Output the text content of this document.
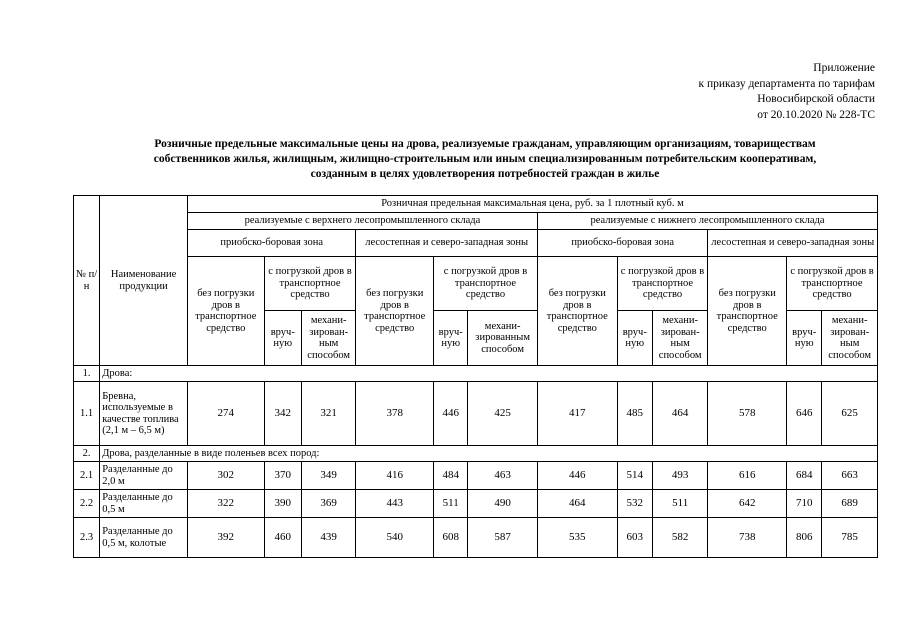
Приложение
к приказу департамента по тарифам
Новосибирской области
от 20.10.2020 № 228-ТС
Розничные предельные максимальные цены на дрова, реализуемые гражданам, управляющим организациям, товариществам
собственников жилья, жилищным, жилищно-строительным или иным специализированным потребительским кооперативам,
созданным в целях удовлетворения потребностей граждан в жилье
№ п/н	Наименование продукции	Розничная предельная максимальная цена, руб. за 1 плотный куб. м											
		реализуемые с верхнего лесопромышленного склада						реализуемые с нижнего лесопромышленного склада					
		приобско-боровая зона			лесостепная и северо-западная зоны			приобско-боровая зона			лесостепная и северо-западная зоны		
		без погрузки дров в транспортное средство	с погрузкой дров в транспортное средство		без погрузки дров в транспортное средство	с погрузкой дров в транспортное средство		без погрузки дров в транспортное средство	с погрузкой дров в транспортное средство		без погрузки дров в транспортное средство	с погрузкой дров в транспортное средство	
			вруч-ную	механи-зирован-ным способом		вруч-ную	механи-зированным способом		вруч-ную	механи-зирован-ным способом		вруч-ную	механи-зирован-ным способом
1.	Дрова:												
1.1	Бревна, используемые в качестве топлива (2,1 м – 6,5 м)	274	342	321	378	446	425	417	485	464	578	646	625
2.	Дрова, разделанные в виде поленьев всех пород:												
2.1	Разделанные до 2,0 м	302	370	349	416	484	463	446	514	493	616	684	663
2.2	Разделанные до 0,5 м	322	390	369	443	511	490	464	532	511	642	710	689
2.3	Разделанные до 0,5 м, колотые	392	460	439	540	608	587	535	603	582	738	806	785
